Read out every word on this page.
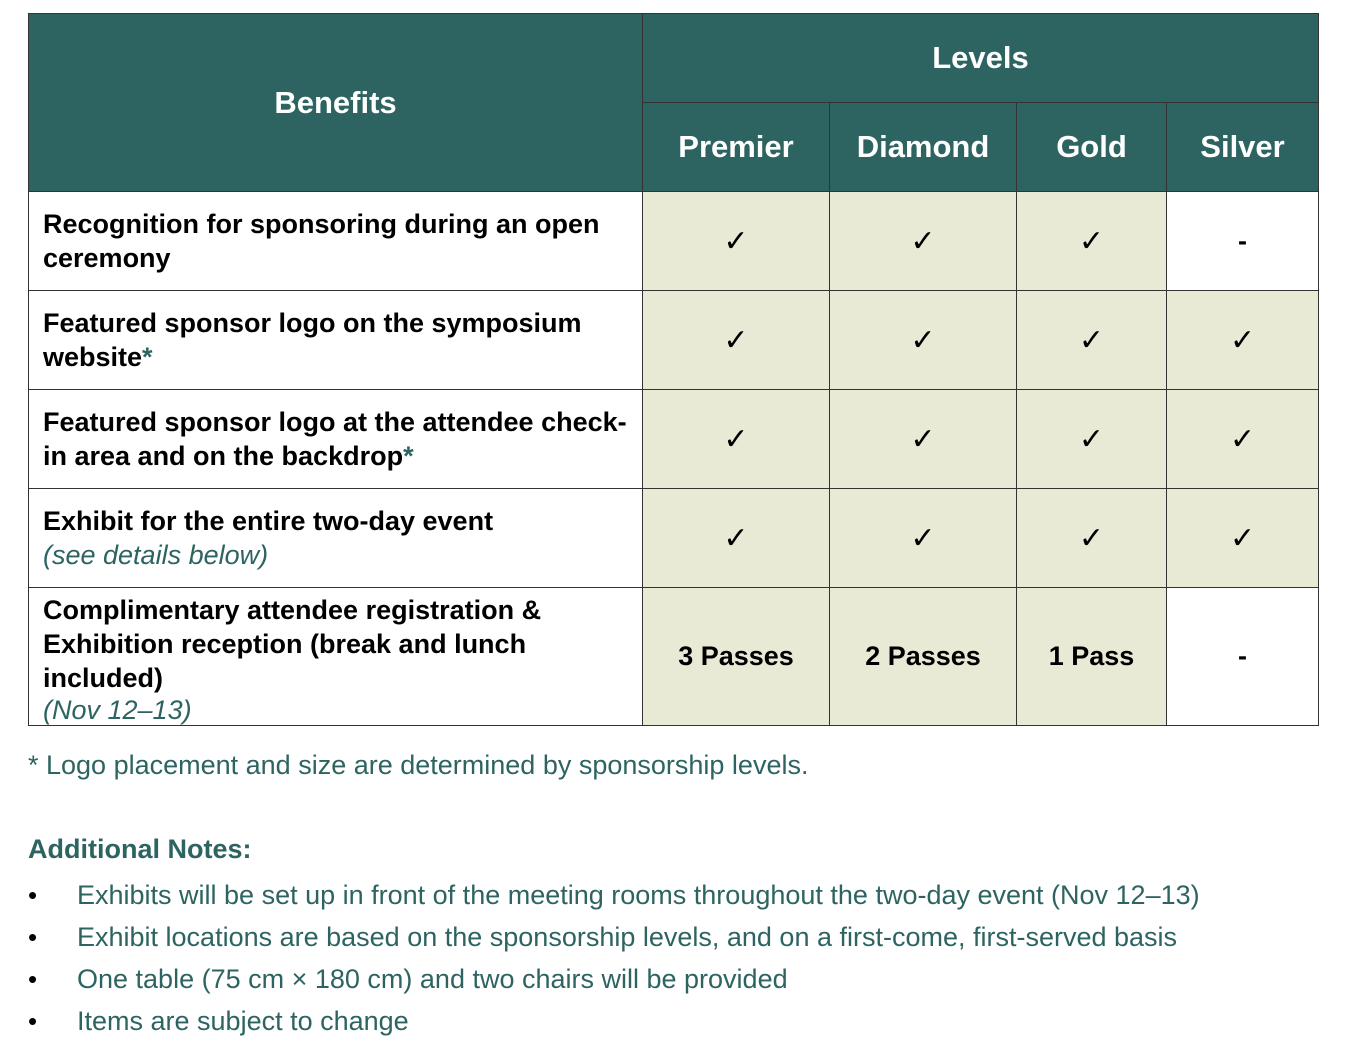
Benefits	Levels			
	Premier	Diamond	Gold	Silver
Recognition for sponsoring during an open ceremony	✓	✓	✓	-
Featured sponsor logo on the symposium website*	✓	✓	✓	✓
Featured sponsor logo at the attendee check-in area and on the backdrop*	✓	✓	✓	✓
Exhibit for the entire two-day event
(see details below)	✓	✓	✓	✓
Complimentary attendee registration & Exhibition reception (break and lunch included)
(Nov 12–13)	3 Passes	2 Passes	1 Pass	-

* Logo placement and size are determined by sponsorship levels.

Additional Notes:

• Exhibits will be set up in front of the meeting rooms throughout the two-day event (Nov 12–13)
• Exhibit locations are based on the sponsorship levels, and on a first-come, first-served basis
• One table (75 cm × 180 cm) and two chairs will be provided
• Items are subject to change
